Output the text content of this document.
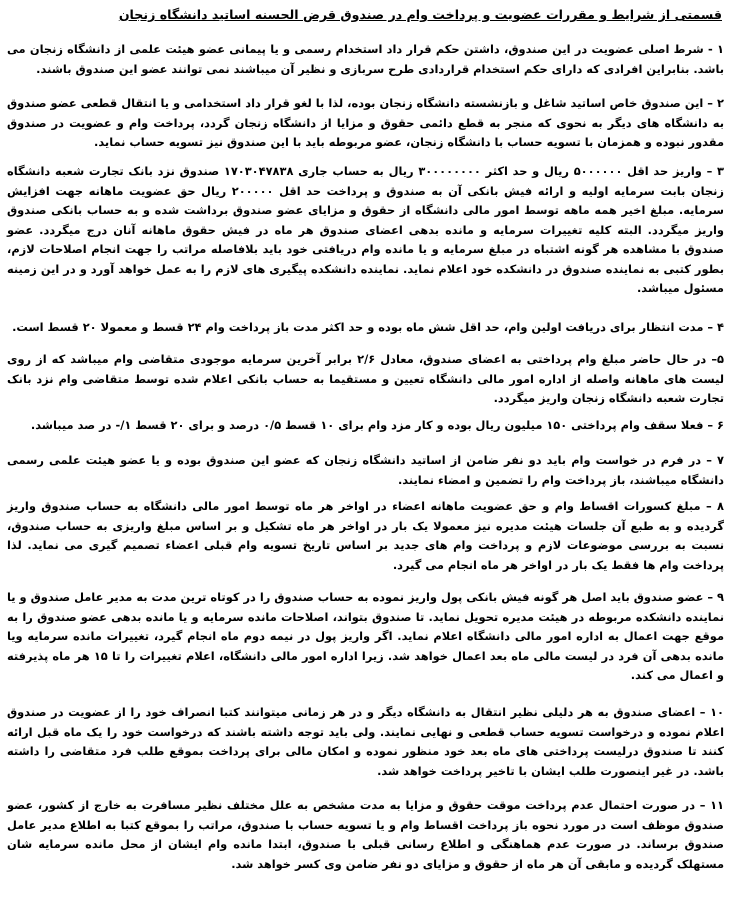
قسمتی از شرایط و مقررات عضویت و پرداخت وام در صندوق قرض الحسنه اساتید دانشگاه زنجان

۱ - شرط اصلی عضویت در این صندوق، داشتن حکم قرار داد استخدام رسمی و یا پیمانی عضو هیئت علمی از دانشگاه زنجان می باشد. بنابراین افرادی که دارای حکم استخدام قراردادی طرح سربازی و نظیر آن میباشند نمی توانند عضو این صندوق باشند.

۲ – این صندوق خاص اساتید شاغل و بازنشسته دانشگاه زنجان بوده، لذا با لغو قرار داد استخدامی و یا انتقال قطعی عضو صندوق به دانشگاه های دیگر به نحوی که منجر به قطع دائمی حقوق و مزایا از دانشگاه زنجان گردد، پرداخت وام و عضویت در صندوق مقدور نبوده و همزمان با تسویه حساب با دانشگاه زنجان، عضو مربوطه باید با این صندوق نیز تسویه حساب نماید.

۳ – واریز حد اقل ۵۰۰۰۰۰۰ ریال و حد اکثر ۳۰۰۰۰۰۰۰۰ ریال به حساب جاری ۱۷۰۳۰۴۷۸۳۸ صندوق نزد بانک تجارت شعبه دانشگاه زنجان بابت سرمایه اولیه و ارائه فیش بانکی آن به صندوق و پرداخت حد اقل ۲۰۰۰۰۰ ریال حق عضویت ماهانه جهت افزایش سرمایه. مبلغ اخیر همه ماهه توسط امور مالی دانشگاه از حقوق و مزایای عضو صندوق برداشت شده و به حساب بانکی صندوق واریز میگردد. البته کلیه تغییرات سرمایه و مانده بدهی اعضای صندوق هر ماه در فیش حقوق ماهانه آنان درج میگردد. عضو صندوق با مشاهده هر گونه اشتباه در مبلغ سرمایه و یا مانده وام دریافتی خود باید بلافاصله مراتب را جهت انجام اصلاحات لازم، بطور کتبی به نماینده صندوق در دانشکده خود اعلام نماید. نماینده دانشکده پیگیری های لازم را به عمل خواهد آورد و در این زمینه مسئول میباشد.

۴ – مدت انتظار برای دریافت اولین وام، حد اقل شش ماه بوده و حد اکثر مدت باز پرداخت وام ۲۴ قسط و معمولا ۲۰ قسط است.

۵– در حال حاضر مبلغ وام پرداختی به اعضای صندوق، معادل ۲/۶ برابر آخرین سرمایه موجودی متقاضی وام میباشد که از روی لیست های ماهانه واصله از اداره امور مالی دانشگاه تعیین و مستقیما به حساب بانکی اعلام شده توسط متقاضی وام نزد بانک تجارت شعبه دانشگاه زنجان واریز میگردد.

۶ – فعلا سقف وام پرداختی ۱۵۰ میلیون ریال بوده و کار مزد وام برای ۱۰ قسط ۰/۵ درصد و برای ۲۰ قسط ۱/- در صد میباشد.

۷ – در فرم در خواست وام باید دو نفر ضامن از اساتید دانشگاه زنجان که عضو این صندوق بوده و یا عضو هیئت علمی رسمی دانشگاه میباشند، باز پرداخت وام را تضمین و امضاء نمایند.

۸ – مبلغ کسورات اقساط وام و حق عضویت ماهانه اعضاء در اواخر هر ماه توسط امور مالی دانشگاه به حساب صندوق واریز گردیده و به طبع آن جلسات هیئت مدیره نیز معمولا یک بار در اواخر هر ماه تشکیل و بر اساس مبلغ واریزی به حساب صندوق، نسبت به بررسی موضوعات لازم و پرداخت وام های جدید بر اساس تاریخ تسویه وام قبلی اعضاء تصمیم گیری می نماید. لذا پرداخت وام ها فقط یک بار در اواخر هر ماه انجام می گیرد.

۹ – عضو صندوق باید اصل هر گونه فیش بانکی پول واریز نموده به حساب صندوق را در کوتاه ترین مدت به مدیر عامل صندوق و یا نماینده دانشکده مربوطه در هیئت مدیره تحویل نماید. تا صندوق بتواند، اصلاحات مانده سرمایه و یا مانده بدهی عضو صندوق را به موقع جهت اعمال به اداره امور مالی دانشگاه اعلام نماید. اگر واریز پول در نیمه دوم ماه انجام گیرد، تغییرات مانده سرمایه ویا مانده بدهی آن فرد در لیست مالی ماه بعد اعمال خواهد شد. زیرا اداره امور مالی دانشگاه، اعلام تغییرات را تا ۱۵ هر ماه پذیرفته و اعمال می کند.

۱۰ – اعضای صندوق به هر دلیلی نظیر انتقال به دانشگاه دیگر و در هر زمانی میتوانند کتبا انصراف خود را از عضویت در صندوق اعلام نموده و درخواست تسویه حساب قطعی و نهایی نمایند. ولی باید توجه داشته باشند که درخواست خود را یک ماه قبل ارائه کنند تا صندوق درلیست پرداختی های ماه بعد خود منظور نموده و امکان مالی برای پرداخت بموقع طلب فرد متقاضی را داشته باشد. در غیر اینصورت طلب ایشان با تاخیر پرداخت خواهد شد.

۱۱ – در صورت احتمال عدم پرداخت موقت حقوق و مزایا به مدت مشخص به علل مختلف نظیر مسافرت به خارج از کشور، عضو صندوق موظف است در مورد نحوه باز پرداخت اقساط وام و یا تسویه حساب با صندوق، مراتب را بموقع کتبا به اطلاع مدیر عامل صندوق برساند. در صورت عدم هماهنگی و اطلاع رسانی قبلی با صندوق، ابتدا مانده وام ایشان از محل مانده سرمایه شان مستهلک گردیده و مابقی آن هر ماه از حقوق و مزایای دو نفر ضامن وی کسر خواهد شد.
